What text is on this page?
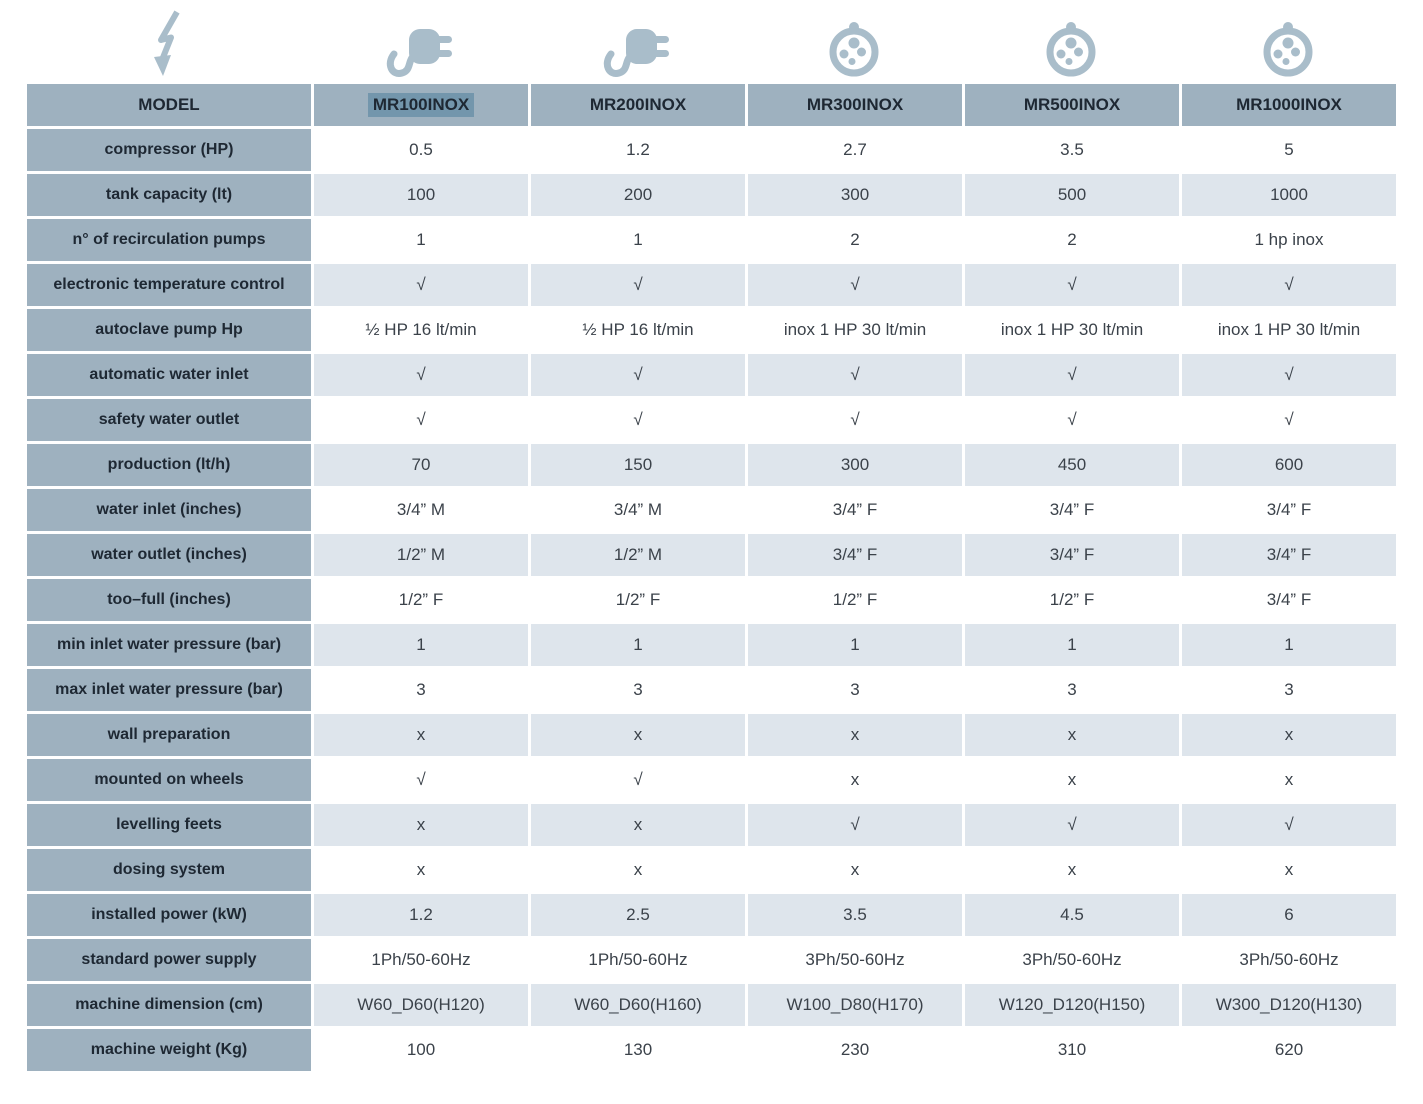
MODEL	MR100INOX	MR200INOX	MR300INOX	MR500INOX	MR1000INOX
compressor (HP)	0.5	1.2	2.7	3.5	5
tank capacity (lt)	100	200	300	500	1000
n° of recirculation pumps	1	1	2	2	1 hp inox
electronic temperature control	√	√	√	√	√
autoclave pump Hp	½ HP 16 lt/min	½ HP 16 lt/min	inox 1 HP 30 lt/min	inox 1 HP 30 lt/min	inox 1 HP 30 lt/min
automatic water inlet	√	√	√	√	√
safety water outlet	√	√	√	√	√
production (lt/h)	70	150	300	450	600
water inlet (inches)	3/4” M	3/4” M	3/4” F	3/4” F	3/4” F
water outlet (inches)	1/2” M	1/2” M	3/4” F	3/4” F	3/4” F
too–full (inches)	1/2” F	1/2” F	1/2” F	1/2” F	3/4” F
min inlet water pressure (bar)	1	1	1	1	1
max inlet water pressure (bar)	3	3	3	3	3
wall preparation	x	x	x	x	x
mounted on wheels	√	√	x	x	x
levelling feets	x	x	√	√	√
dosing system	x	x	x	x	x
installed power (kW)	1.2	2.5	3.5	4.5	6
standard power supply	1Ph/50-60Hz	1Ph/50-60Hz	3Ph/50-60Hz	3Ph/50-60Hz	3Ph/50-60Hz
machine dimension (cm)	W60_D60(H120)	W60_D60(H160)	W100_D80(H170)	W120_D120(H150)	W300_D120(H130)
machine weight (Kg)	100	130	230	310	620
